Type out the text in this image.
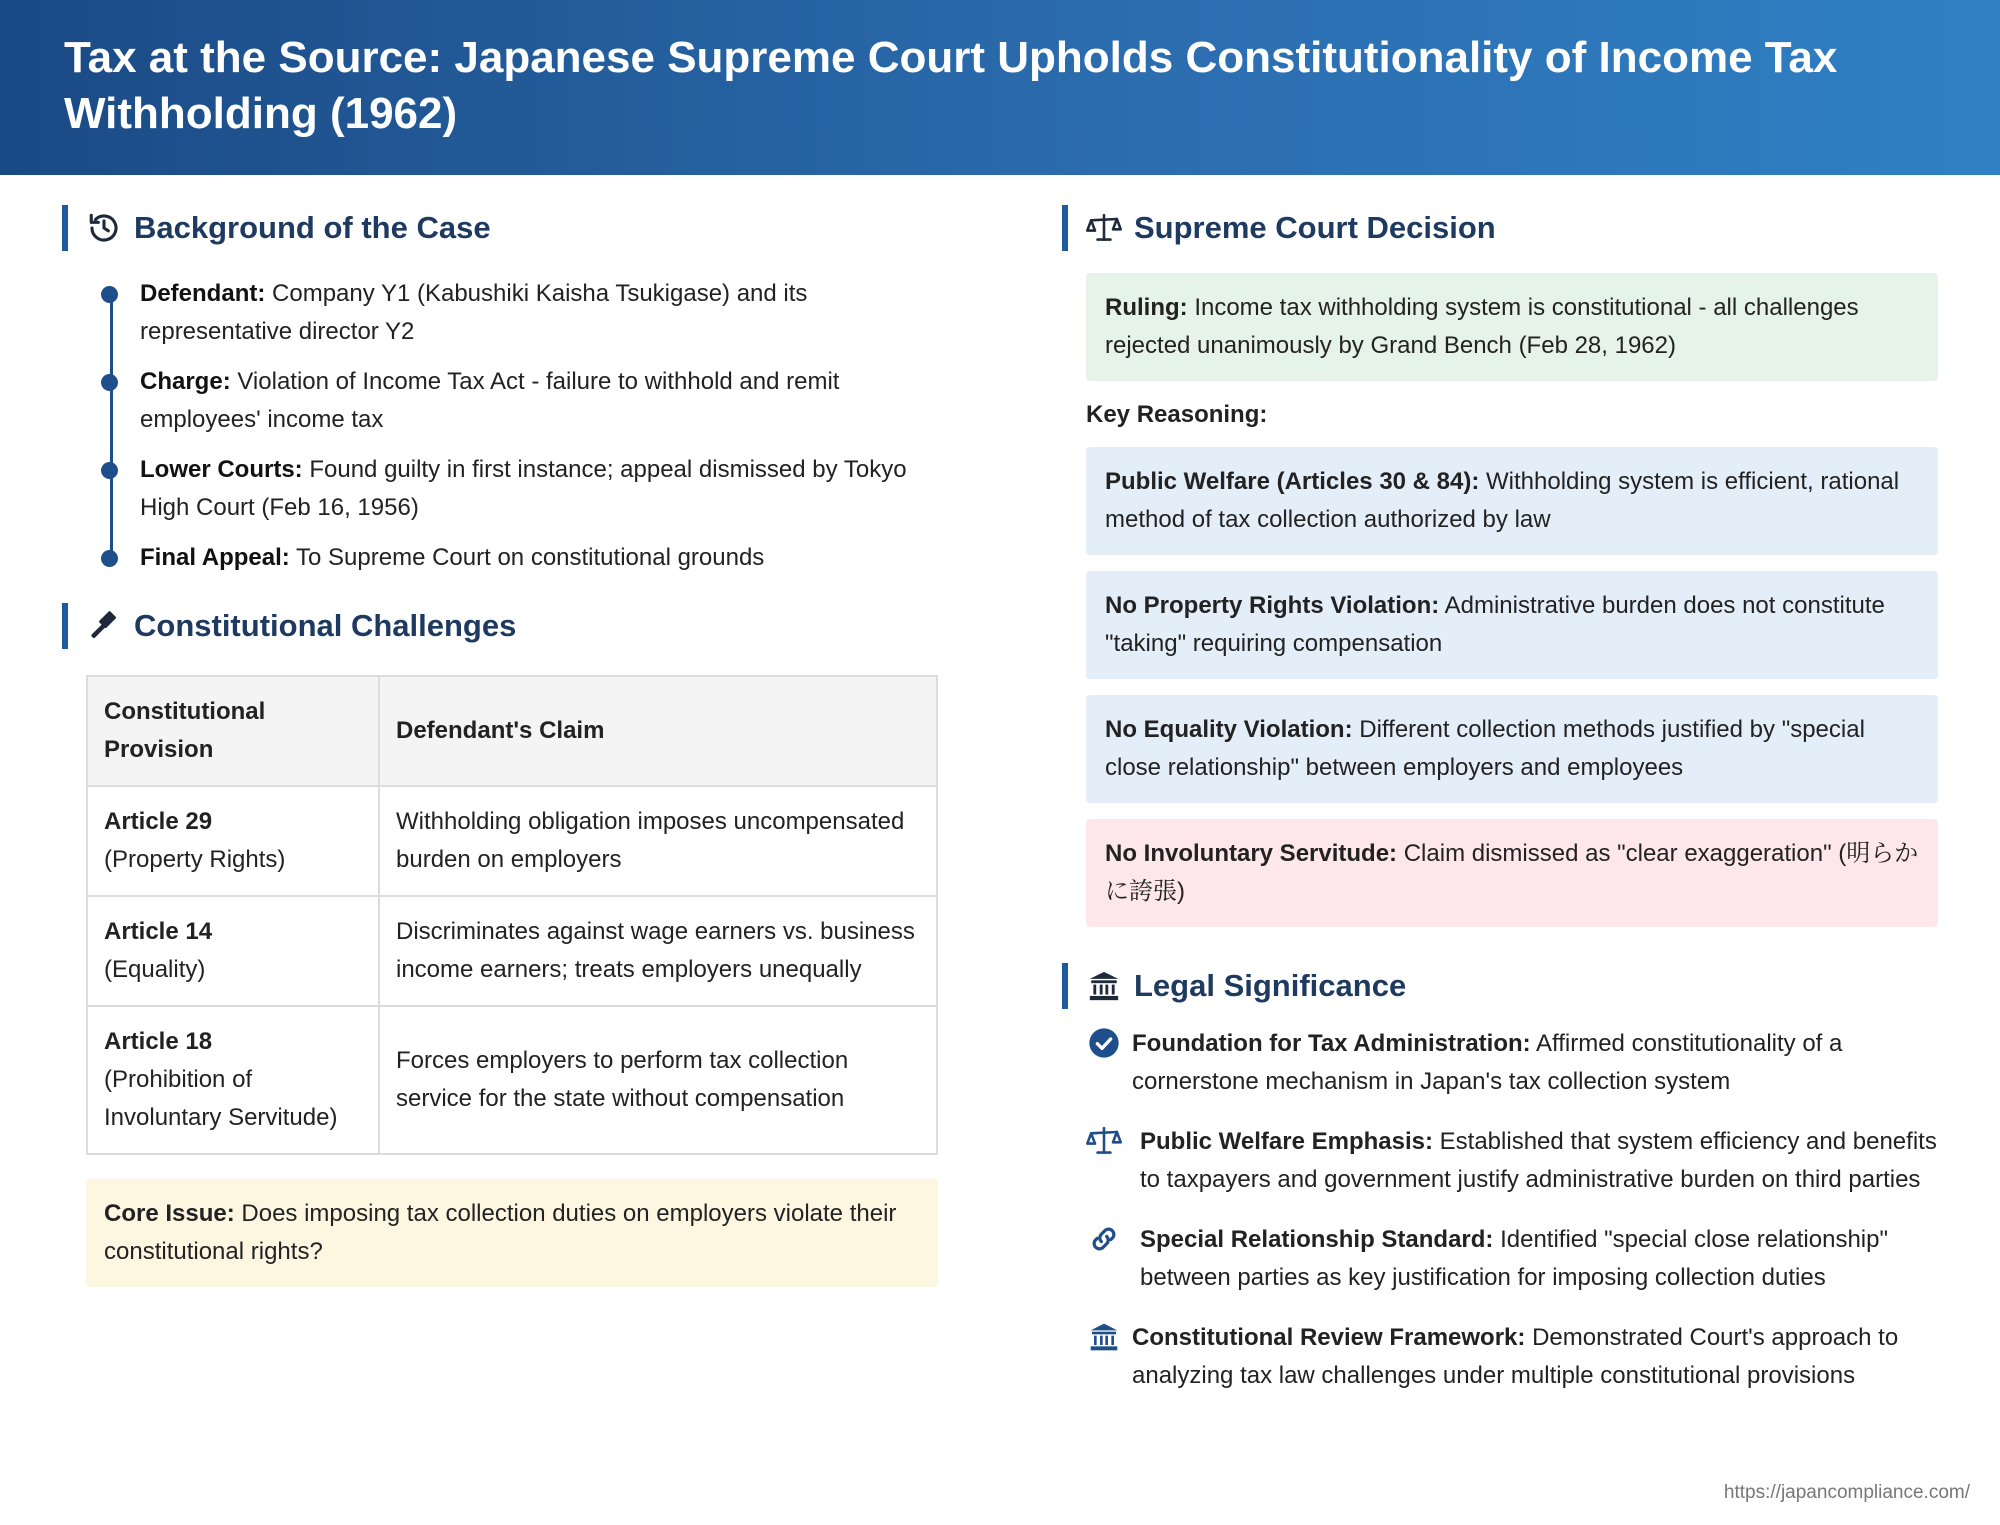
Tax at the Source: Japanese Supreme Court Upholds Constitutionality of Income Tax Withholding (1962)
Background of the Case
Defendant: Company Y1 (Kabushiki Kaisha Tsukigase) and its representative director Y2
Charge: Violation of Income Tax Act - failure to withhold and remit employees' income tax
Lower Courts: Found guilty in first instance; appeal dismissed by Tokyo High Court (Feb 16, 1956)
Final Appeal: To Supreme Court on constitutional grounds
Constitutional Challenges
Constitutional Provision	Defendant's Claim
Article 29
(Property Rights)	Withholding obligation imposes uncompensated burden on employers
Article 14
(Equality)	Discriminates against wage earners vs. business income earners; treats employers unequally
Article 18
(Prohibition of Involuntary Servitude)	Forces employers to perform tax collection service for the state without compensation
Core Issue: Does imposing tax collection duties on employers violate their constitutional rights?
Supreme Court Decision
Ruling: Income tax withholding system is constitutional - all challenges rejected unanimously by Grand Bench (Feb 28, 1962)
Key Reasoning:
Public Welfare (Articles 30 & 84): Withholding system is efficient, rational method of tax collection authorized by law
No Property Rights Violation: Administrative burden does not constitute "taking" requiring compensation
No Equality Violation: Different collection methods justified by "special close relationship" between employers and employees
No Involuntary Servitude: Claim dismissed as "clear exaggeration" (明らかに誇張)
Legal Significance
Foundation for Tax Administration: Affirmed constitutionality of a cornerstone mechanism in Japan's tax collection system
Public Welfare Emphasis: Established that system efficiency and benefits to taxpayers and government justify administrative burden on third parties
Special Relationship Standard: Identified "special close relationship" between parties as key justification for imposing collection duties
Constitutional Review Framework: Demonstrated Court's approach to analyzing tax law challenges under multiple constitutional provisions
https://japancompliance.com/
